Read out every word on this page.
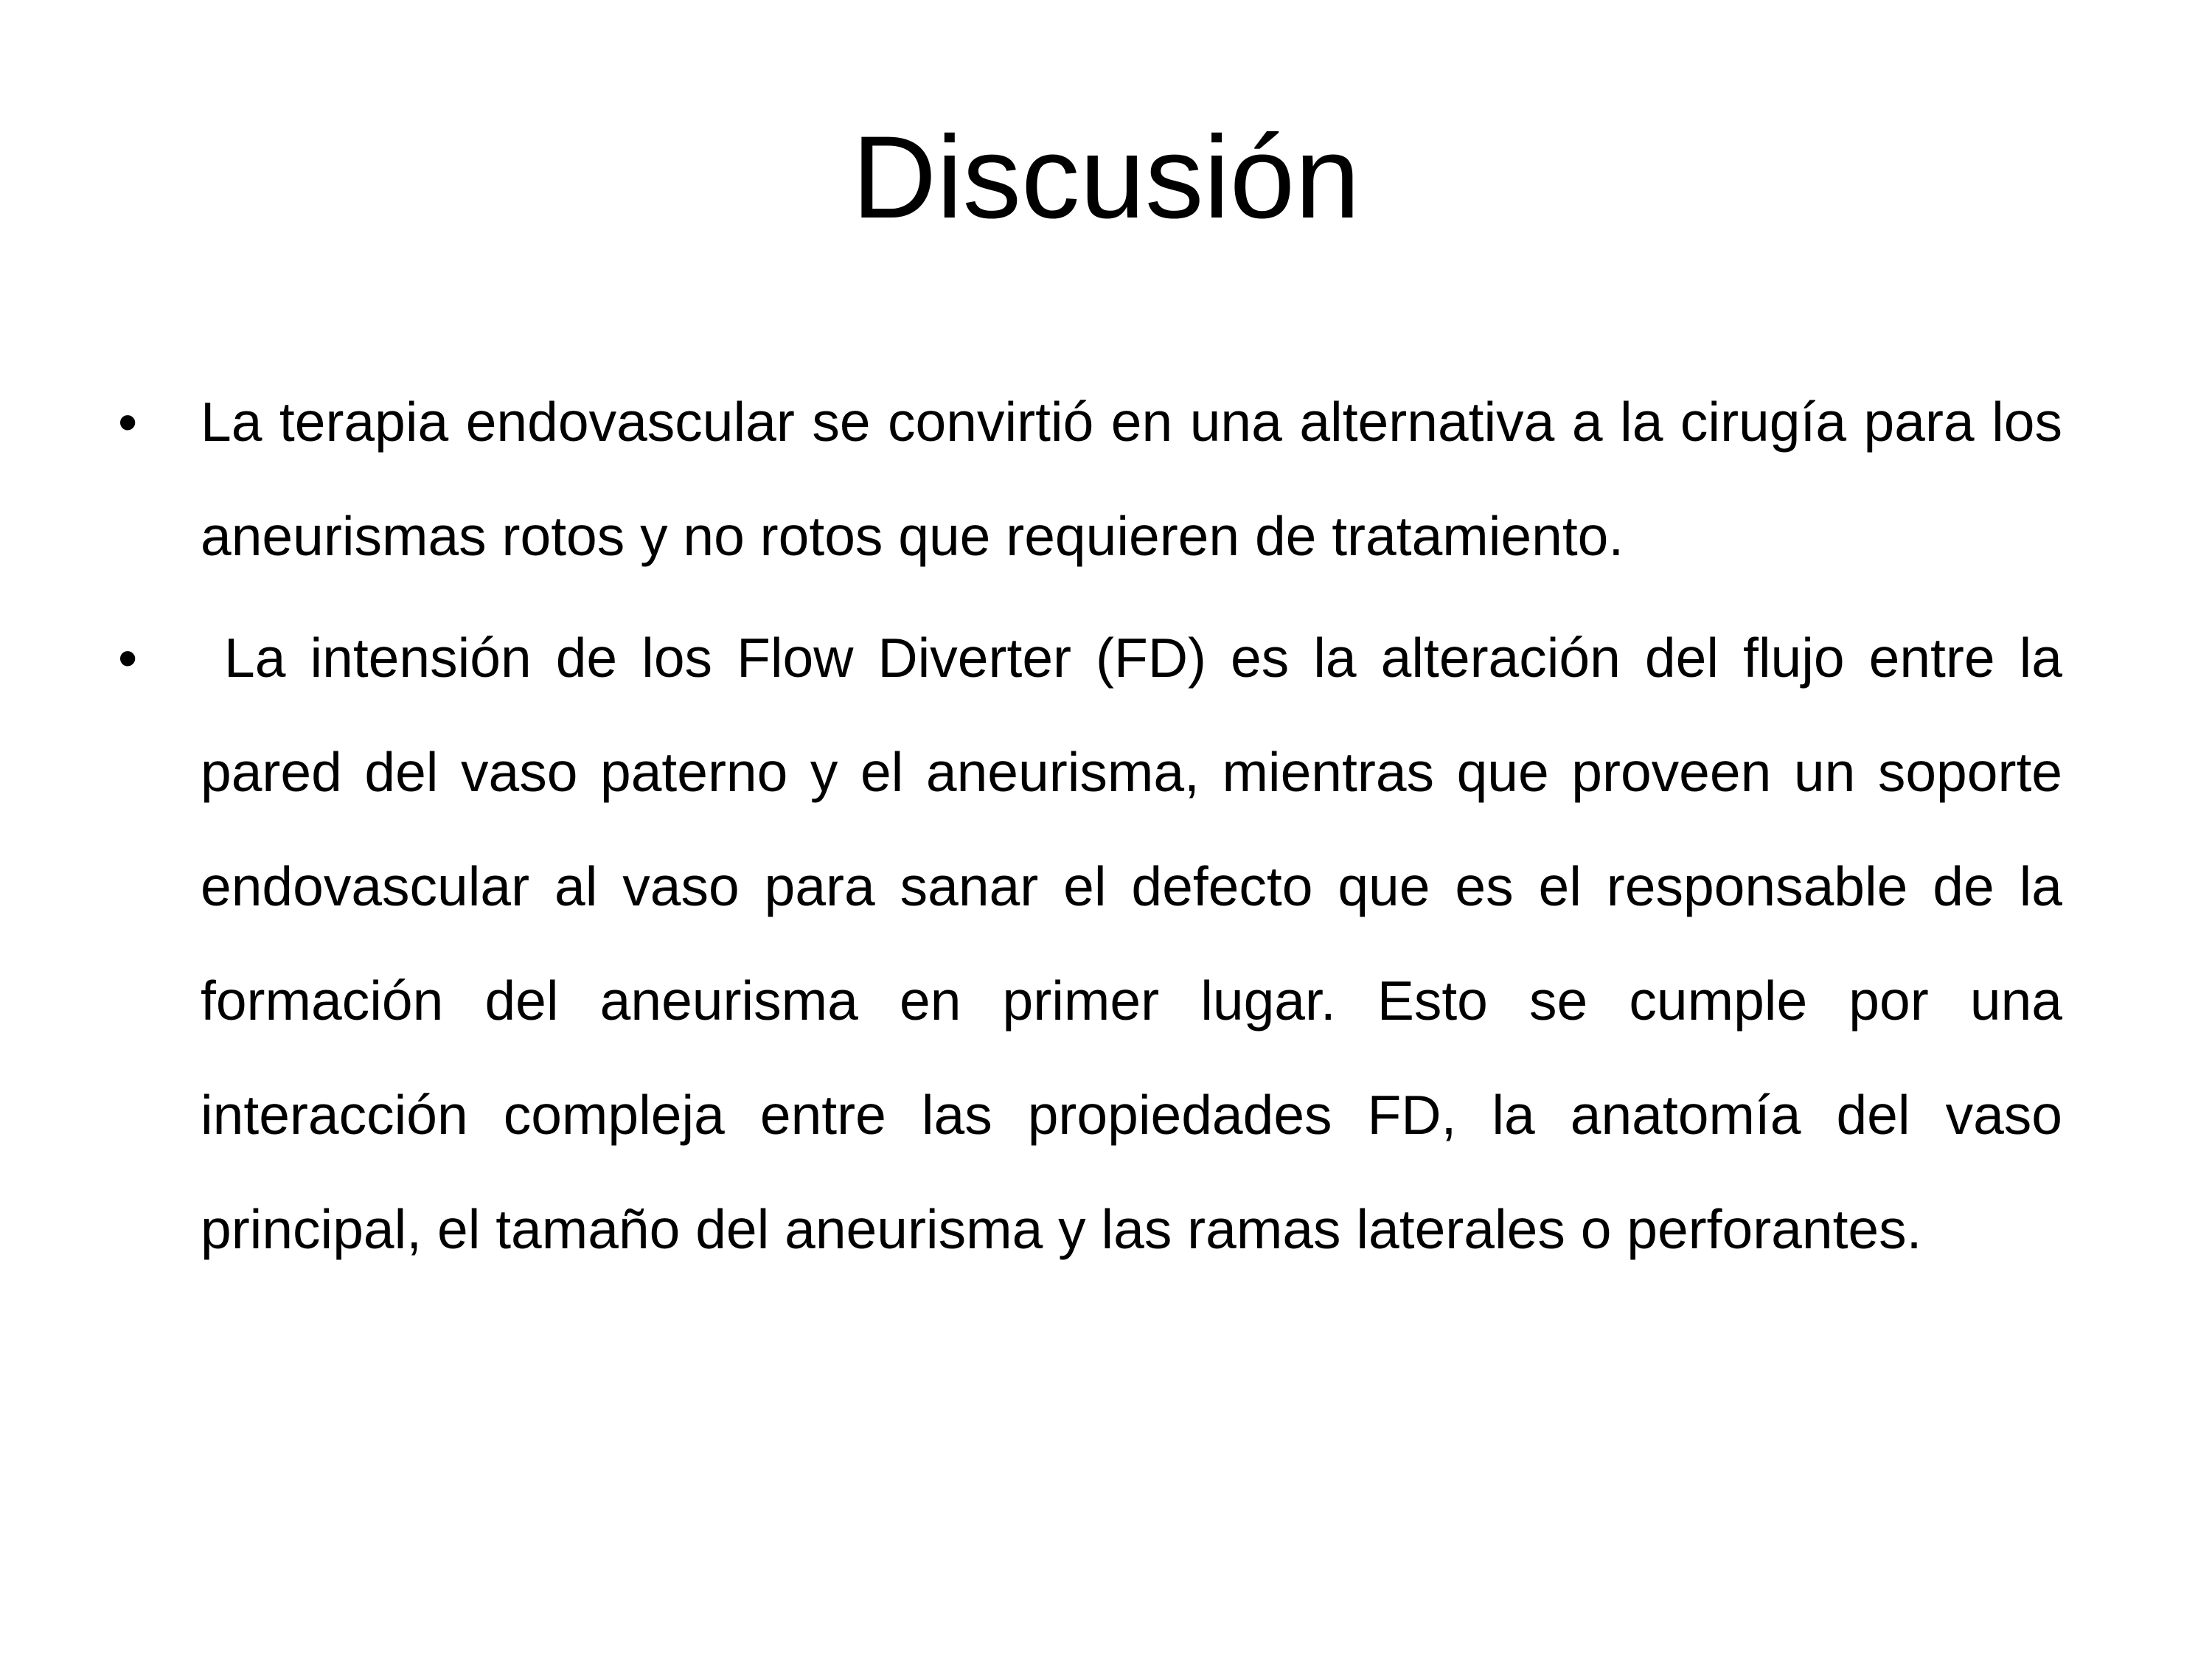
Discusión
•	La terapia endovascular se convirtió en una alternativa a la cirugía para los aneurismas rotos y no rotos que requieren de tratamiento.

•	La intensión de los Flow Diverter (FD) es la alteración del flujo entre la pared del vaso paterno y el aneurisma, mientras que proveen un soporte endovascular al vaso para sanar el defecto que es el responsable de la formación del aneurisma en primer lugar. Esto se cumple por una interacción compleja entre las propiedades FD, la anatomía del vaso principal, el tamaño del aneurisma y las ramas laterales o perforantes.
